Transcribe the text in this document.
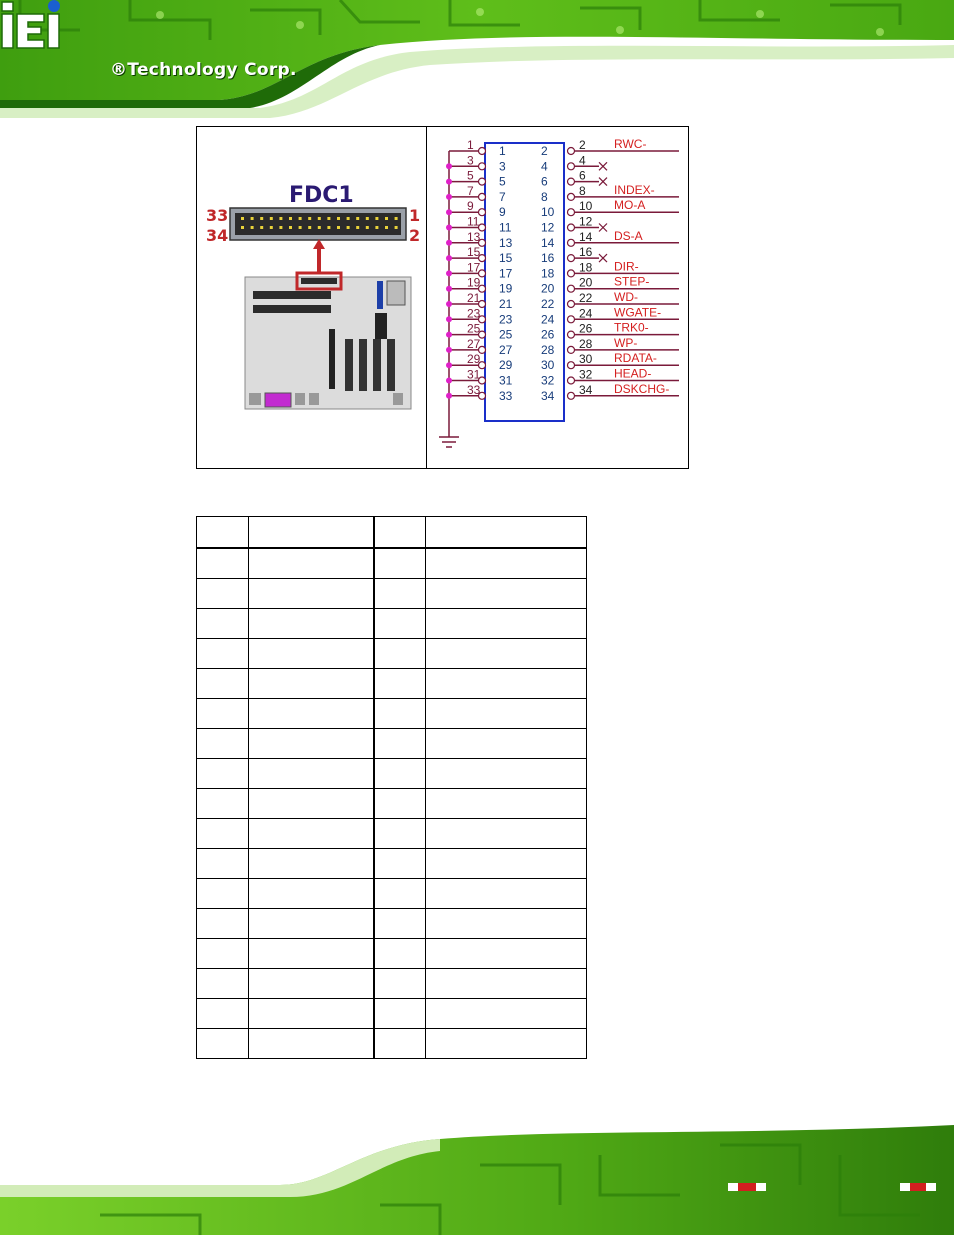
®Technology Corp.
FDC1
33
34
1
2
1 1	2	2 RWC-
3 3	4	4
5 5	6	6
7 7	8	8 INDEX-
9 9	10 10 MO-A
11 11 12 12
13 13 14 14 DS-A
15 15 16 16
17 17 18 18 DIR-
19 19 20 20 STEP-
21 21 22 22 WD-
23 23 24 24 WGATE-
25 25 26 26 TRK0-
27 27 28 28 WP-
29 29 30 30 RDATA-
31 31 32 32 HEAD-
33 33 34 34 DSKCHG-
